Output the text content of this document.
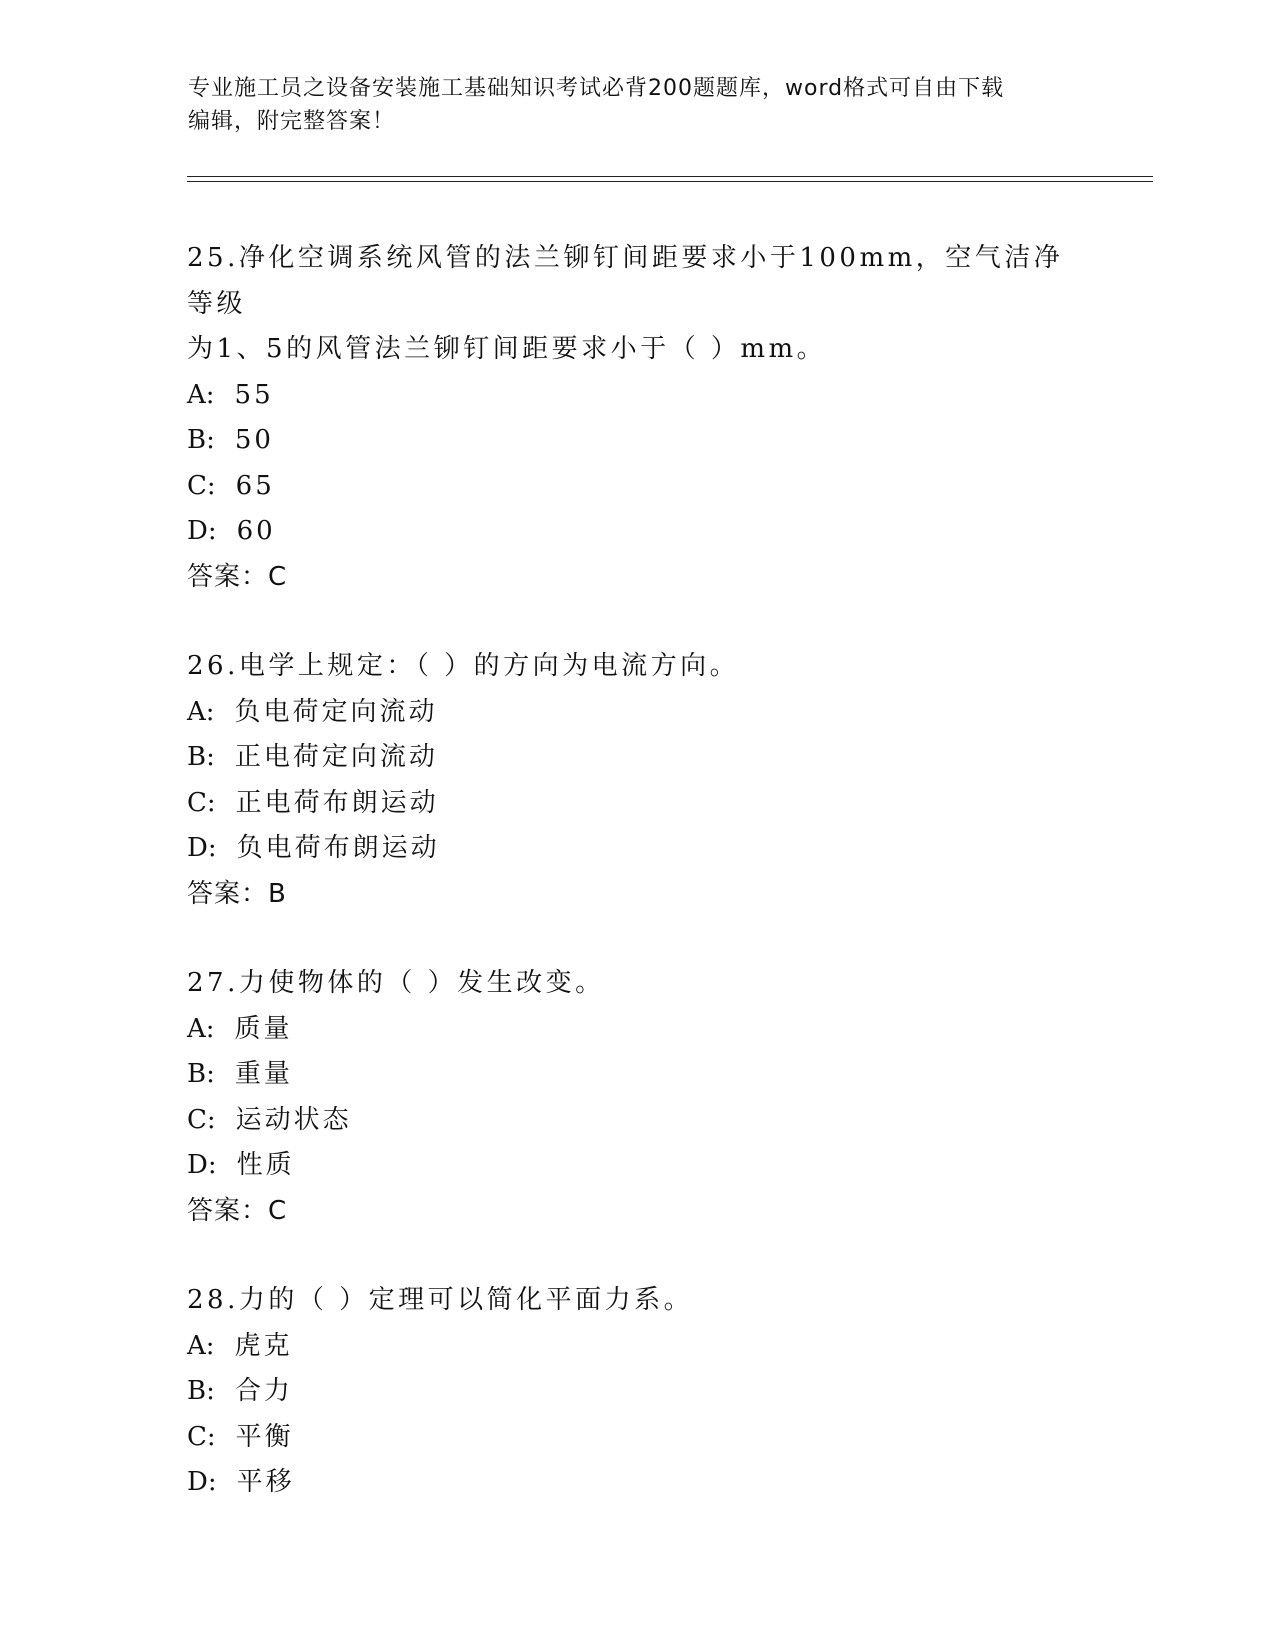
专业施工员之设备安装施工基础知识考试必背200题题库，word格式可自由下载
编辑，附完整答案！

25.净化空调系统风管的法兰铆钉间距要求小于100mm，空气洁净等级

为1、5的风管法兰铆钉间距要求小于（ ）mm。

A: 55

B: 50

C: 65

D: 60

答案：C

26.电学上规定：（ ）的方向为电流方向。

A: 负电荷定向流动

B: 正电荷定向流动

C: 正电荷布朗运动

D: 负电荷布朗运动

答案：B

27.力使物体的（ ）发生改变。

A: 质量

B: 重量

C: 运动状态

D: 性质

答案：C

28.力的（ ）定理可以简化平面力系。

A: 虎克

B: 合力

C: 平衡

D: 平移
